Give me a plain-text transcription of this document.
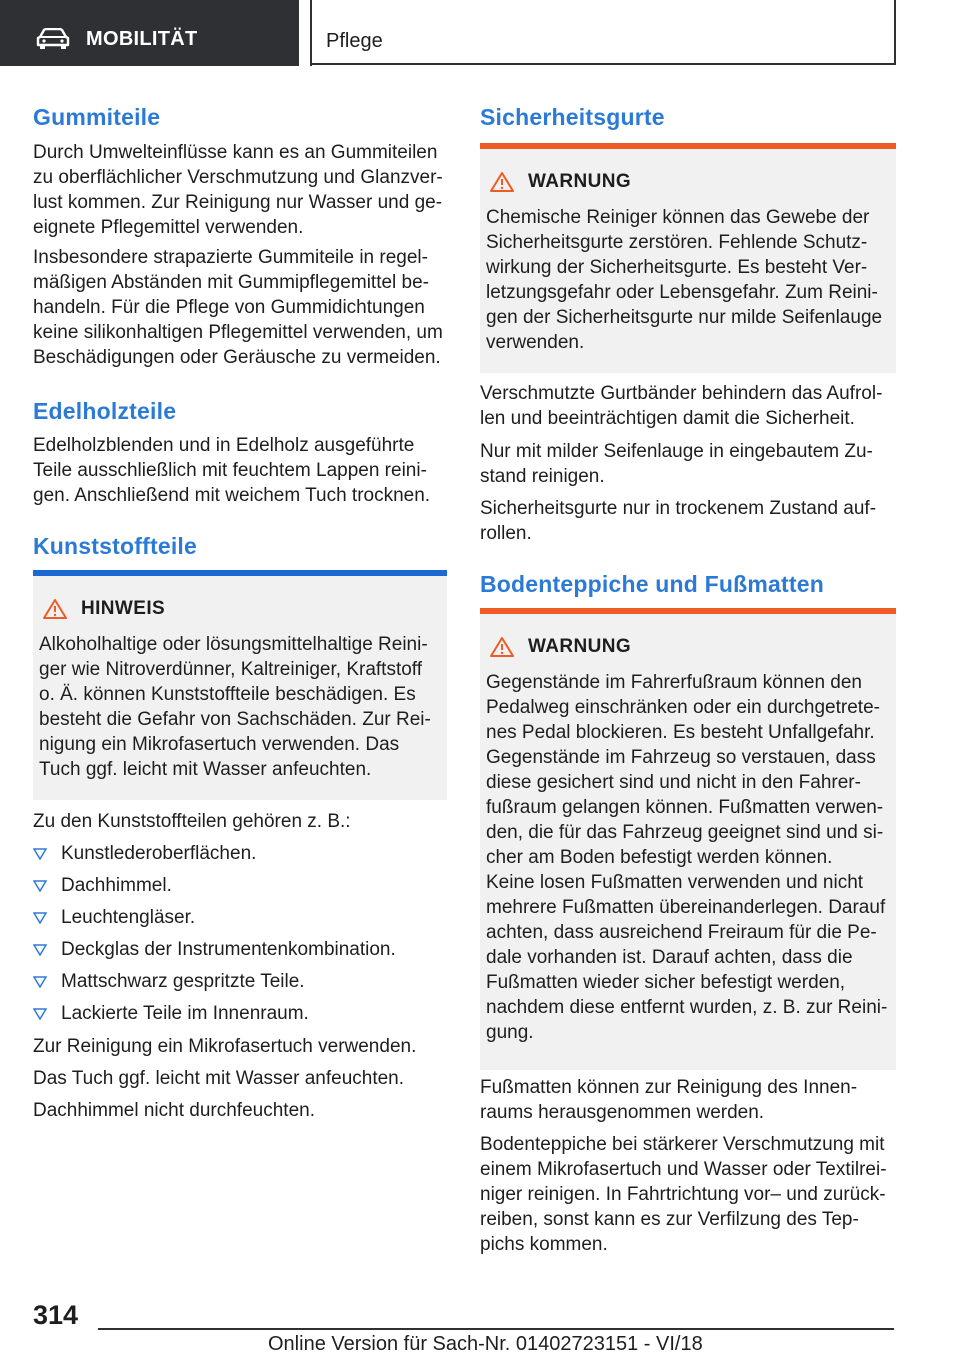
MOBILITÄT	Pflege
Gummiteile

Durch Umwelteinflüsse kann es an Gummiteilen
zu oberflächlicher Verschmutzung und Glanzver‐
lust kommen. Zur Reinigung nur Wasser und ge‐
eignete Pflegemittel verwenden.

Insbesondere strapazierte Gummiteile in regel‐
mäßigen Abständen mit Gummipflegemittel be‐
handeln. Für die Pflege von Gummidichtungen
keine silikonhaltigen Pflegemittel verwenden, um
Beschädigungen oder Geräusche zu vermeiden.

Edelholzteile

Edelholzblenden und in Edelholz ausgeführte
Teile ausschließlich mit feuchtem Lappen reini‐
gen. Anschließend mit weichem Tuch trocknen.

Kunststoffteile
HINWEIS

Alkoholhaltige oder lösungsmittelhaltige Reini‐
ger wie Nitroverdünner, Kaltreiniger, Kraftstoff
o. Ä. können Kunststoffteile beschädigen. Es
besteht die Gefahr von Sachschäden. Zur Rei‐
nigung ein Mikrofasertuch verwenden. Das
Tuch ggf. leicht mit Wasser anfeuchten.

Zu den Kunststoffteilen gehören z. B.:

Kunstlederoberflächen.
Dachhimmel.
Leuchtengläser.
Deckglas der Instrumentenkombination.
Mattschwarz gespritzte Teile.
Lackierte Teile im Innenraum.

Zur Reinigung ein Mikrofasertuch verwenden.

Das Tuch ggf. leicht mit Wasser anfeuchten.

Dachhimmel nicht durchfeuchten.

Sicherheitsgurte
WARNUNG

Chemische Reiniger können das Gewebe der
Sicherheitsgurte zerstören. Fehlende Schutz‐
wirkung der Sicherheitsgurte. Es besteht Ver‐
letzungsgefahr oder Lebensgefahr. Zum Reini‐
gen der Sicherheitsgurte nur milde Seifenlauge
verwenden.

Verschmutzte Gurtbänder behindern das Aufrol‐
len und beeinträchtigen damit die Sicherheit.

Nur mit milder Seifenlauge in eingebautem Zu‐
stand reinigen.

Sicherheitsgurte nur in trockenem Zustand auf‐
rollen.

Bodenteppiche und Fußmatten
WARNUNG

Gegenstände im Fahrerfußraum können den
Pedalweg einschränken oder ein durchgetrete‐
nes Pedal blockieren. Es besteht Unfallgefahr.
Gegenstände im Fahrzeug so verstauen, dass
diese gesichert sind und nicht in den Fahrer‐
fußraum gelangen können. Fußmatten verwen‐
den, die für das Fahrzeug geeignet sind und si‐
cher am Boden befestigt werden können.
Keine losen Fußmatten verwenden und nicht
mehrere Fußmatten übereinanderlegen. Darauf
achten, dass ausreichend Freiraum für die Pe‐
dale vorhanden ist. Darauf achten, dass die
Fußmatten wieder sicher befestigt werden,
nachdem diese entfernt wurden, z. B. zur Reini‐
gung.

Fußmatten können zur Reinigung des Innen‐
raums herausgenommen werden.

Bodenteppiche bei stärkerer Verschmutzung mit
einem Mikrofasertuch und Wasser oder Textilrei‐
niger reinigen. In Fahrtrichtung vor– und zurück‐
reiben, sonst kann es zur Verfilzung des Tep‐
pichs kommen.

314
Online Version für Sach-Nr. 01402723151 - VI/18
